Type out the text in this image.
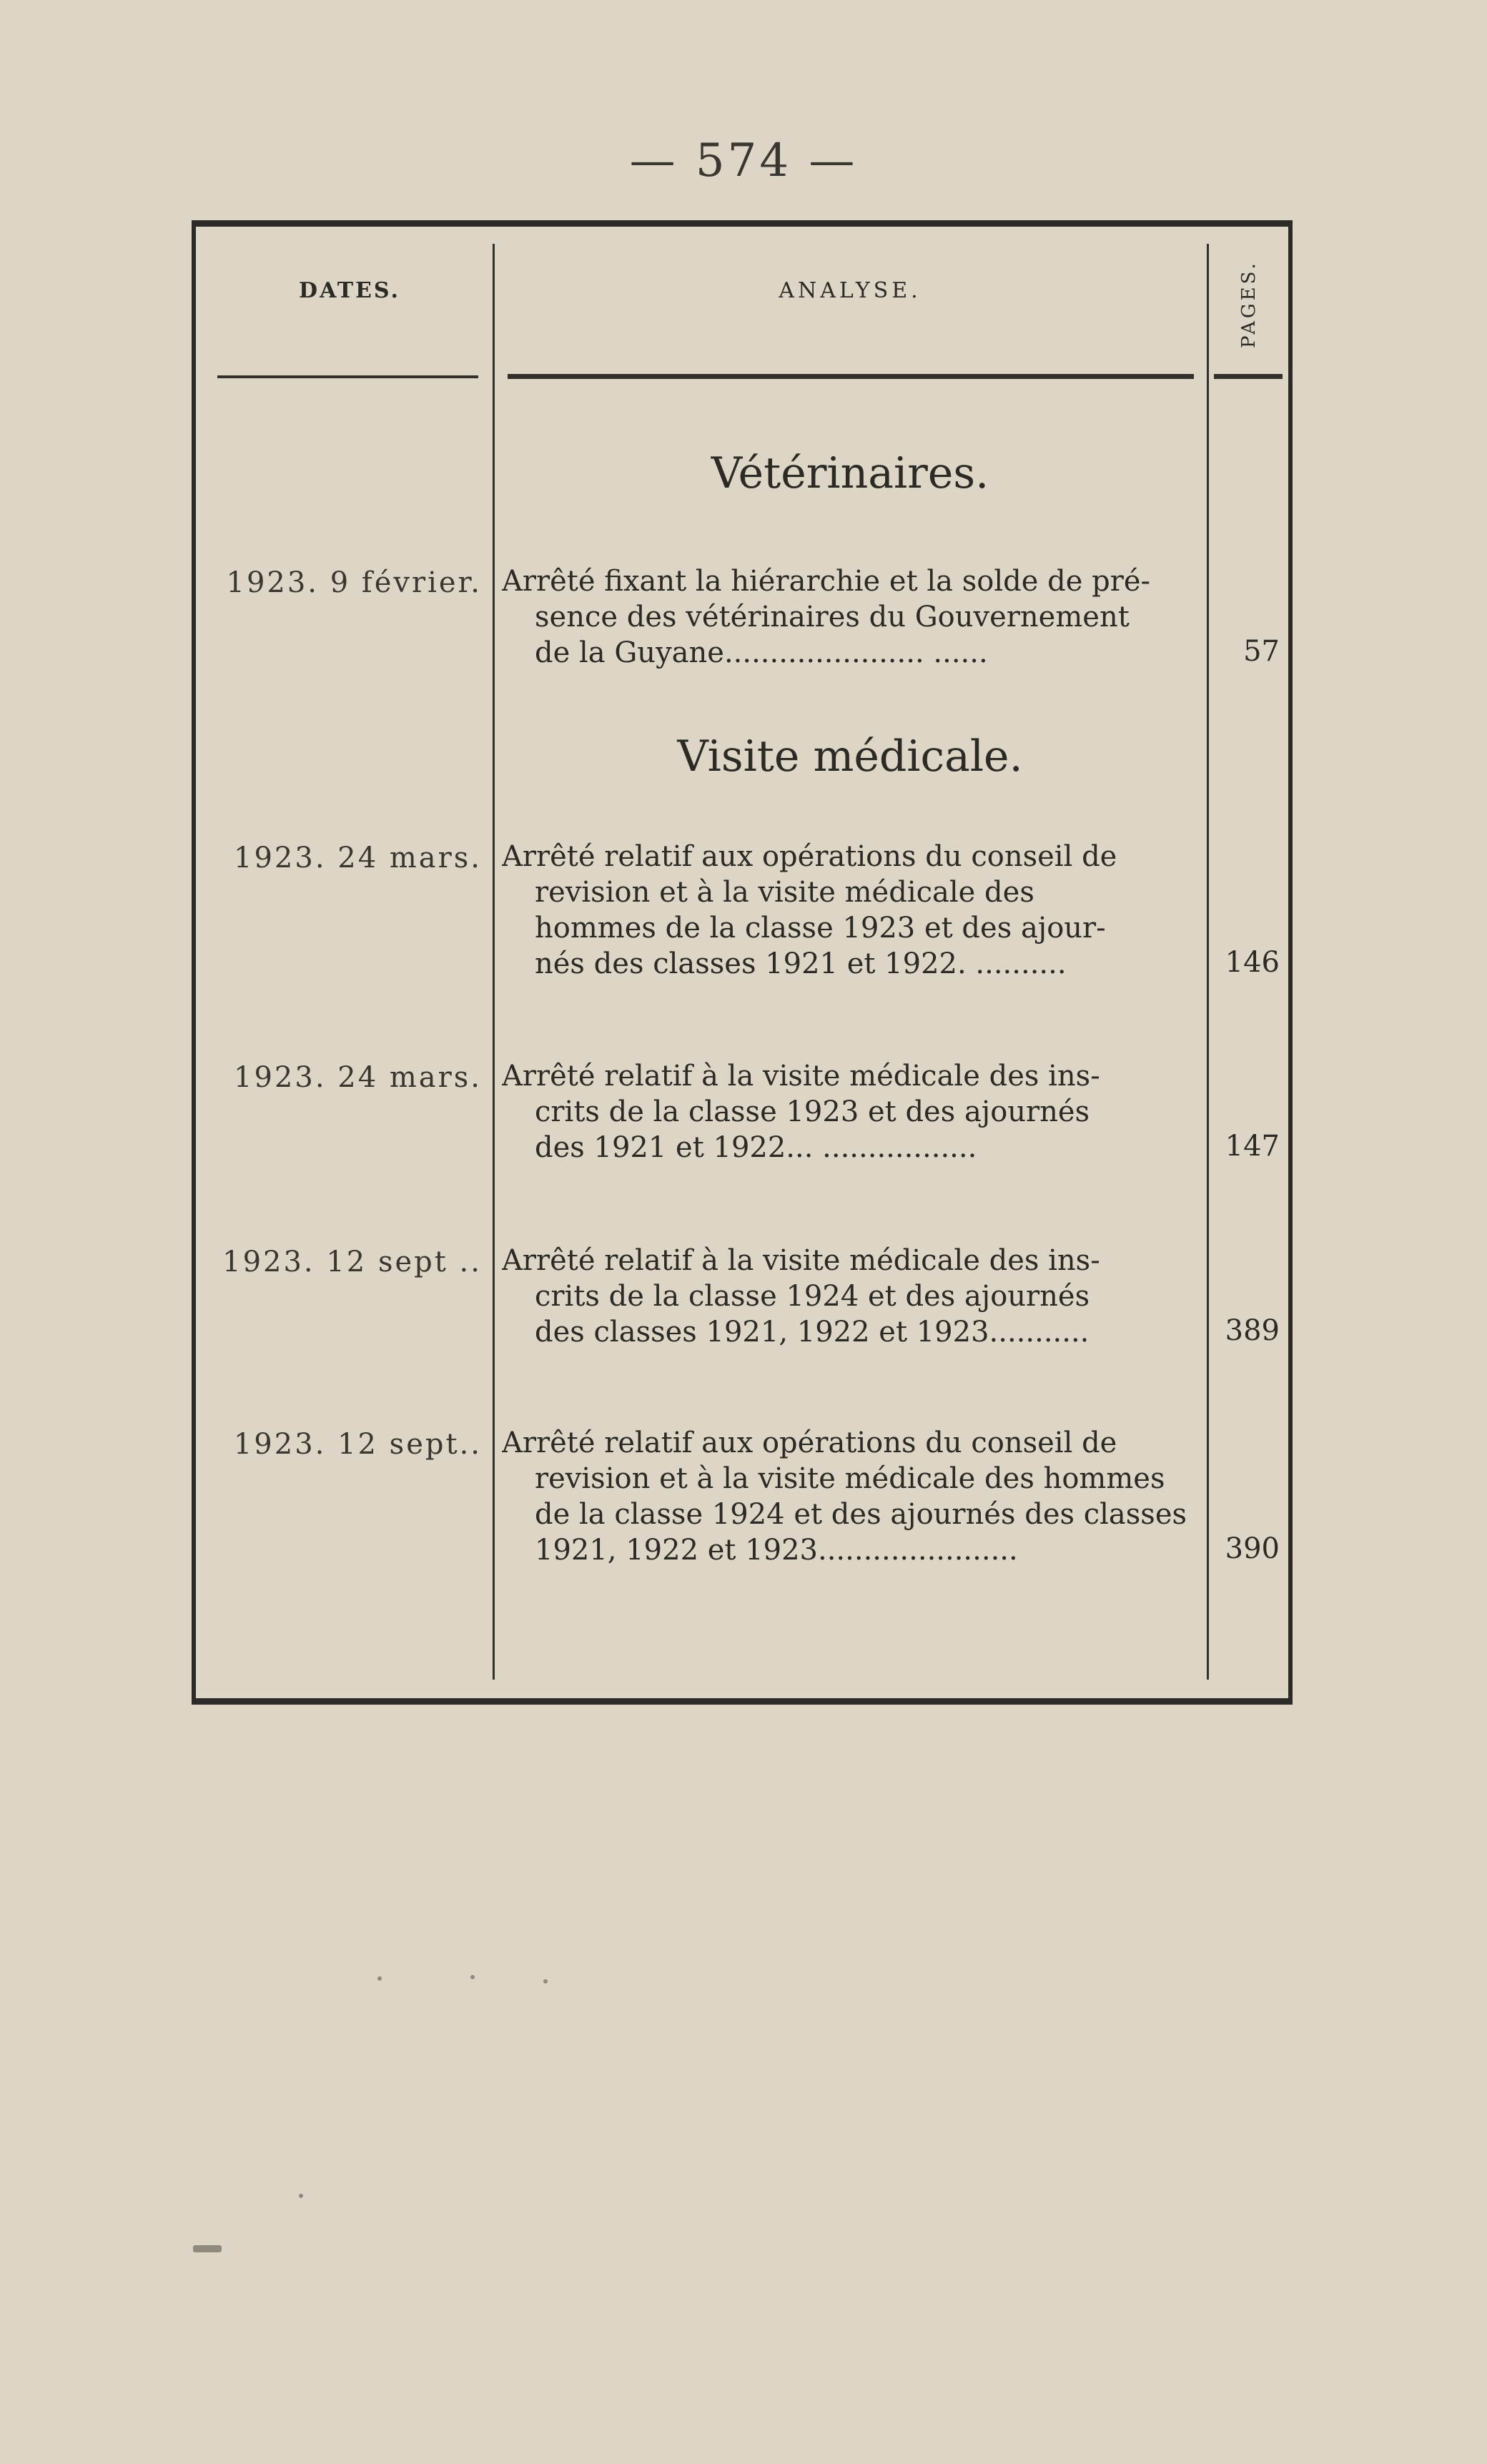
— 574 —
DATES.	ANALYSE.	PAGES.
Vétérinaires.
1923. 9 février. Arrêté fixant la hiérarchie et la solde de pré-
sence des vétérinaires du Gouvernement
de la Guyane...................... ......	57
Visite médicale.
1923. 24 mars. Arrêté relatif aux opérations du conseil de
revision et à la visite médicale des
hommes de la classe 1923 et des ajour-
nés des classes 1921 et 1922. ..........	146
1923. 24 mars. Arrêté relatif à la visite médicale des ins-
crits de la classe 1923 et des ajournés
des 1921 et 1922... .................	147
1923. 12 sept .. Arrêté relatif à la visite médicale des ins-
crits de la classe 1924 et des ajournés
des classes 1921, 1922 et 1923...........	389
1923. 12 sept.. Arrêté relatif aux opérations du conseil de
revision et à la visite médicale des hommes
de la classe 1924 et des ajournés des classes
1921, 1922 et 1923......................	390
